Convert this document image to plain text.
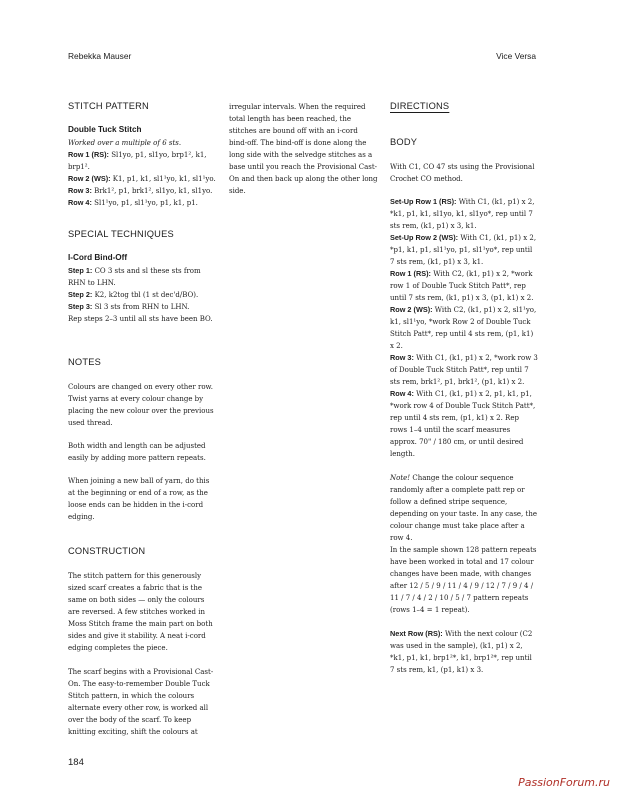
Rebekka Mauser	Vice Versa
STITCH PATTERN
Double Tuck Stitch
Worked over a multiple of 6 sts.
Row 1 (RS): Sl1yo, p1, sl1yo, brp1², k1, brp1².
Row 2 (WS): K1, p1, k1, sl1¹yo, k1, sl1¹yo.
Row 3: Brk1², p1, brk1², sl1yo, k1, sl1yo.
Row 4: Sl1¹yo, p1, sl1¹yo, p1, k1, p1.
SPECIAL TECHNIQUES
I-Cord Bind-Off
Step 1: CO 3 sts and sl these sts from RHN to LHN.
Step 2: K2, k2tog tbl (1 st dec'd/BO).
Step 3: Sl 3 sts from RHN to LHN.
Rep steps 2–3 until all sts have been BO.
NOTES

Colours are changed on every other row. Twist yarns at every colour change by placing the new colour over the previous used thread.

Both width and length can be adjusted easily by adding more pattern repeats.

When joining a new ball of yarn, do this at the beginning or end of a row, as the loose ends can be hidden in the i-cord edging.

CONSTRUCTION

The stitch pattern for this generously sized scarf creates a fabric that is the same on both sides — only the colours are reversed. A few stitches worked in Moss Stitch frame the main part on both sides and give it stability. A neat i-cord edging completes the piece.

The scarf begins with a Provisional Cast-On. The easy-to-remember Double Tuck Stitch pattern, in which the colours alternate every other row, is worked all over the body of the scarf. To keep knitting exciting, shift the colours at

irregular intervals. When the required total length has been reached, the stitches are bound off with an i-cord bind-off. The bind-off is done along the long side with the selvedge stitches as a base until you reach the Provisional Cast-On and then back up along the other long side.

DIRECTIONS
BODY

With C1, CO 47 sts using the Provisional Crochet CO method.

Set-Up Row 1 (RS): With C1, (k1, p1) x 2, *k1, p1, k1, sl1yo, k1, sl1yo*, rep until 7 sts rem, (k1, p1) x 3, k1.
Set-Up Row 2 (WS): With C1, (k1, p1) x 2, *p1, k1, p1, sl1¹yo, p1, sl1¹yo*, rep until 7 sts rem, (k1, p1) x 3, k1.
Row 1 (RS): With C2, (k1, p1) x 2, *work row 1 of Double Tuck Stitch Patt*, rep until 7 sts rem, (k1, p1) x 3, (p1, k1) x 2.
Row 2 (WS): With C2, (k1, p1) x 2, sl1¹yo, k1, sl1¹yo, *work Row 2 of Double Tuck Stitch Patt*, rep until 4 sts rem, (p1, k1) x 2.
Row 3: With C1, (k1, p1) x 2, *work row 3 of Double Tuck Stitch Patt*, rep until 7 sts rem, brk1², p1, brk1², (p1, k1) x 2.
Row 4: With C1, (k1, p1) x 2, p1, k1, p1, *work row 4 of Double Tuck Stitch Patt*, rep until 4 sts rem, (p1, k1) x 2. Rep rows 1–4 until the scarf measures approx. 70" / 180 cm, or until desired length.
Note! Change the colour sequence randomly after a complete patt rep or follow a defined stripe sequence, depending on your taste. In any case, the colour change must take place after a row 4.
In the sample shown 128 pattern repeats have been worked in total and 17 colour changes have been made, with changes after 12 / 5 / 9 / 11 / 4 / 9 / 12 / 7 / 9 / 4 / 11 / 7 / 4 / 2 / 10 / 5 / 7 pattern repeats (rows 1–4 = 1 repeat).
Next Row (RS): With the next colour (C2 was used in the sample), (k1, p1) x 2, *k1, p1, k1, brp1²*, k1, brp1²*, rep until 7 sts rem, k1, (p1, k1) x 3.
184
PassionForum.ru
